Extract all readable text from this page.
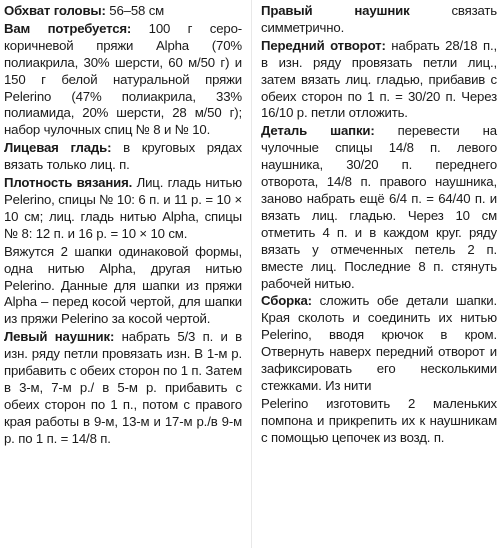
Обхват головы: 56–58 см

Вам потребуется: 100 г серо-коричневой пряжи Alpha (70% полиакрила, 30% шерсти, 60 м/50 г) и 150 г белой натуральной пряжи Pelerino (47% полиакрила, 33% полиамида, 20% шерсти, 28 м/50 г); набор чулочных спиц № 8 и № 10.

Лицевая гладь: в круговых рядах вязать только лиц. п.

Плотность вязания. Лиц. гладь нитью Pelerino, спицы № 10: 6 п. и 11 р. = 10 × 10 см; лиц. гладь нитью Alpha, спицы № 8: 12 п. и 16 р. = 10 × 10 см.

Вяжутся 2 шапки одинаковой формы, одна нитью Alpha, другая нитью Pelerino. Данные для шапки из пряжи Alpha – перед косой чертой, для шапки из пряжи Pelerino за косой чертой.

Левый наушник: набрать 5/3 п. и в изн. ряду петли провязать изн. В 1-м р. прибавить с обеих сторон по 1 п. Затем в 3-м, 7-м р./ в 5-м р. прибавить с обеих сторон по 1 п., потом с правого края работы в 9-м, 13-м и 17-м р./в 9-м р. по 1 п. = 14/8 п.

Правый наушник связать симметрично.

Передний отворот: набрать 28/18 п., в изн. ряду провязать петли лиц., затем вязать лиц. гладью, прибавив с обеих сторон по 1 п. = 30/20 п. Через 16/10 р. петли отложить.

Деталь шапки: перевести на чулочные спицы 14/8 п. левого наушника, 30/20 п. переднего отворота, 14/8 п. правого наушника, заново набрать ещё 6/4 п. = 64/40 п. и вязать лиц. гладью. Через 10 см отметить 4 п. и в каждом круг. ряду вязать у отмеченных петель 2 п. вместе лиц. Последние 8 п. стянуть рабочей нитью.

Сборка: сложить обе детали шапки. Края сколоть и соединить их нитью Pelerino, вводя крючок в кром. Отвернуть наверх передний отворот и зафиксировать его несколькими стежками. Из нити

Pelerino изготовить 2 маленьких помпона и прикрепить их к наушникам с помощью цепочек из возд. п.
